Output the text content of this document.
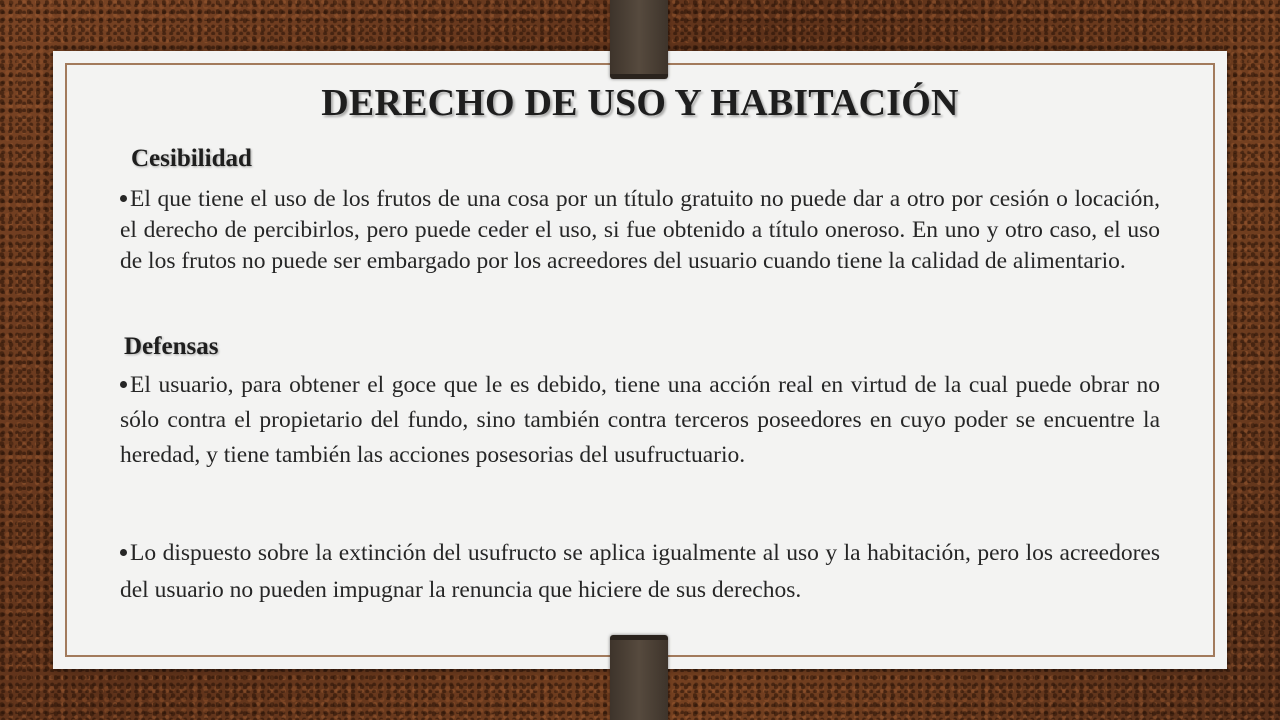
DERECHO DE USO Y HABITACIÓN
Cesibilidad

El que tiene el uso de los frutos de una cosa por un título gratuito no puede dar a otro por cesión o locación, el derecho de percibirlos, pero puede ceder el uso, si fue obtenido a título oneroso. En uno y otro caso, el uso de los frutos no puede ser embargado por los acreedores del usuario cuando tiene la calidad de alimentario.

Defensas

El usuario, para obtener el goce que le es debido, tiene una acción real en virtud de la cual puede obrar no sólo contra el propietario del fundo, sino también contra terceros poseedores en cuyo poder se encuentre la heredad, y tiene también las acciones posesorias del usufructuario.

Lo dispuesto sobre la extinción del usufructo se aplica igualmente al uso y la habitación, pero los acreedores del usuario no pueden impugnar la renuncia que hiciere de sus derechos.
